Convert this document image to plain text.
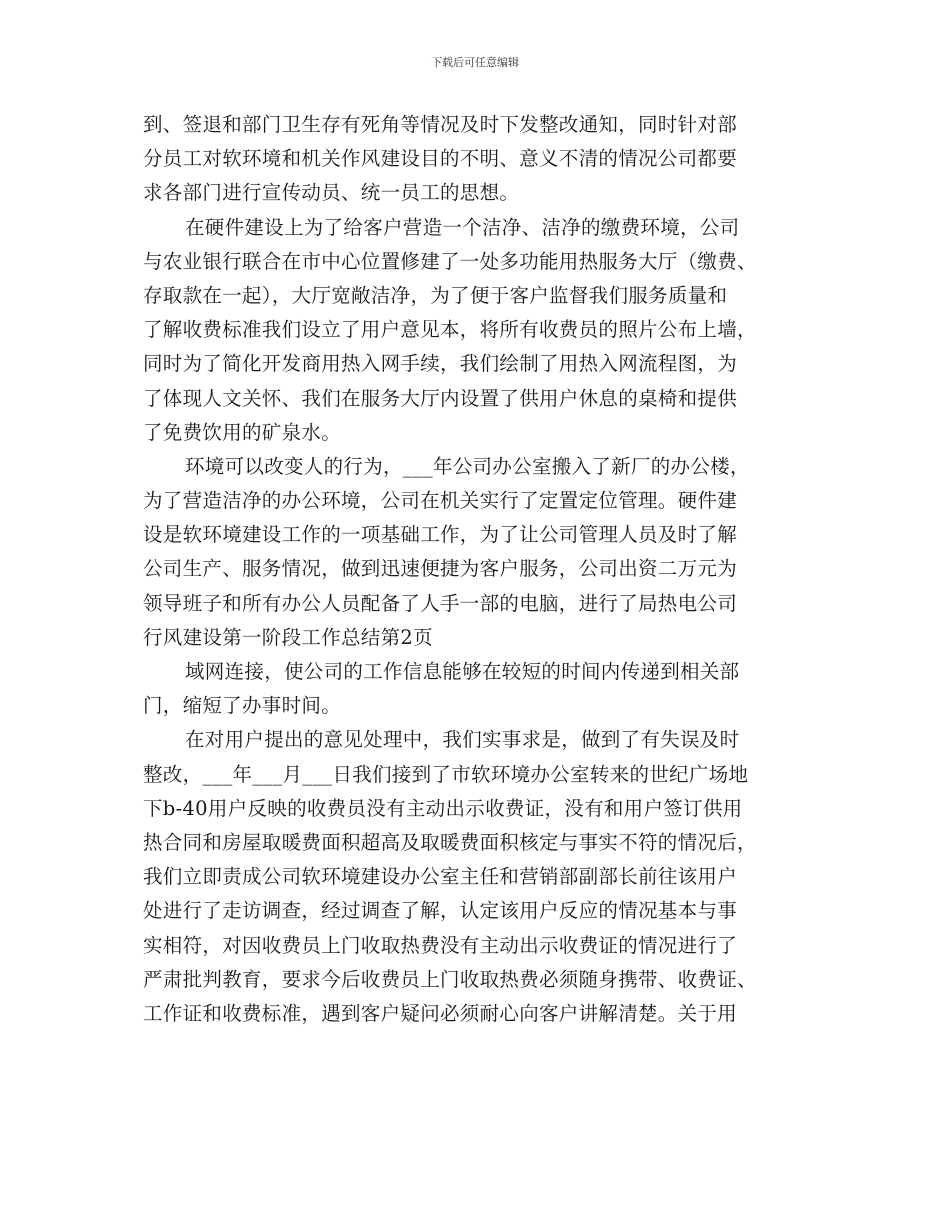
下载后可任意编辑
到、签退和部门卫生存有死角等情况及时下发整改通知，同时针对部
分员工对软环境和机关作风建设目的不明、意义不清的情况公司都要
求各部门进行宣传动员、统一员工的思想。
在硬件建设上为了给客户营造一个洁净、洁净的缴费环境，公司
与农业银行联合在市中心位置修建了一处多功能用热服务大厅（缴费、
存取款在一起），大厅宽敞洁净，为了便于客户监督我们服务质量和
了解收费标准我们设立了用户意见本，将所有收费员的照片公布上墙，
同时为了简化开发商用热入网手续，我们绘制了用热入网流程图，为
了体现人文关怀、我们在服务大厅内设置了供用户休息的桌椅和提供
了免费饮用的矿泉水。
环境可以改变人的行为，___年公司办公室搬入了新厂的办公楼，
为了营造洁净的办公环境，公司在机关实行了定置定位管理。硬件建
设是软环境建设工作的一项基础工作，为了让公司管理人员及时了解
公司生产、服务情况，做到迅速便捷为客户服务，公司出资二万元为
领导班子和所有办公人员配备了人手一部的电脑，进行了局热电公司
行风建设第一阶段工作总结第2页
域网连接，使公司的工作信息能够在较短的时间内传递到相关部
门，缩短了办事时间。
在对用户提出的意见处理中，我们实事求是，做到了有失误及时
整改，___年___月___日我们接到了市软环境办公室转来的世纪广场地
下b-40用户反映的收费员没有主动出示收费证，没有和用户签订供用
热合同和房屋取暖费面积超高及取暖费面积核定与事实不符的情况后，
我们立即责成公司软环境建设办公室主任和营销部副部长前往该用户
处进行了走访调查，经过调查了解，认定该用户反应的情况基本与事
实相符，对因收费员上门收取热费没有主动出示收费证的情况进行了
严肃批判教育，要求今后收费员上门收取热费必须随身携带、收费证、
工作证和收费标准，遇到客户疑问必须耐心向客户讲解清楚。关于用
